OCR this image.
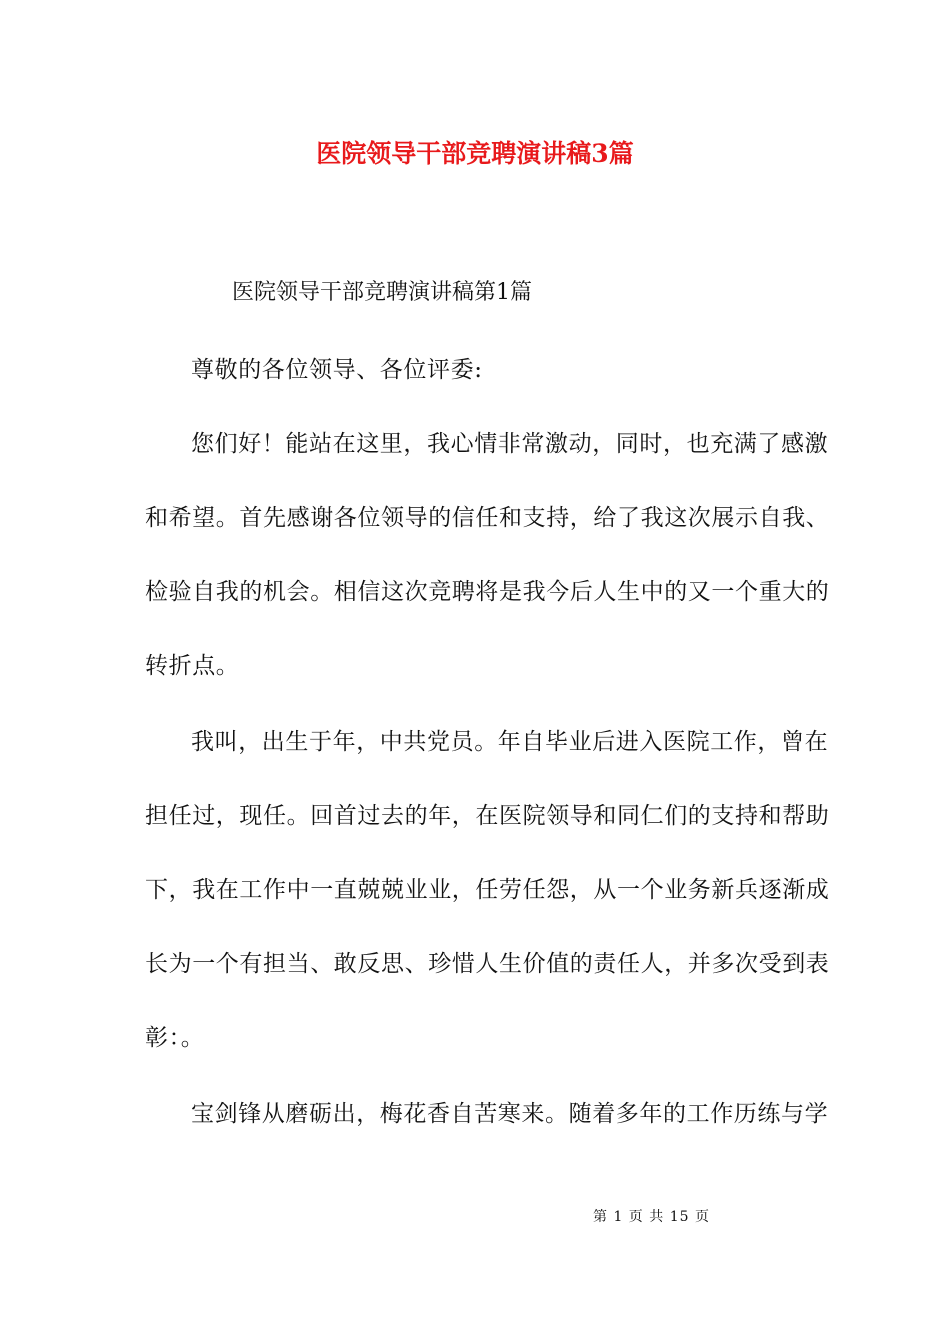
医院领导干部竞聘演讲稿3篇
医院领导干部竞聘演讲稿第1篇
尊敬的各位领导、各位评委:
您们好！能站在这里，我心情非常激动，同时，也充满了感激
和希望。首先感谢各位领导的信任和支持，给了我这次展示自我、
检验自我的机会。相信这次竞聘将是我今后人生中的又一个重大的
转折点。
我叫，出生于年，中共党员。年自毕业后进入医院工作，曾在
担任过，现任。回首过去的年，在医院领导和同仁们的支持和帮助
下，我在工作中一直兢兢业业，任劳任怨，从一个业务新兵逐渐成
长为一个有担当、敢反思、珍惜人生价值的责任人，并多次受到表
彰：。
宝剑锋从磨砺出，梅花香自苦寒来。随着多年的工作历练与学
第 1 页 共 15 页
